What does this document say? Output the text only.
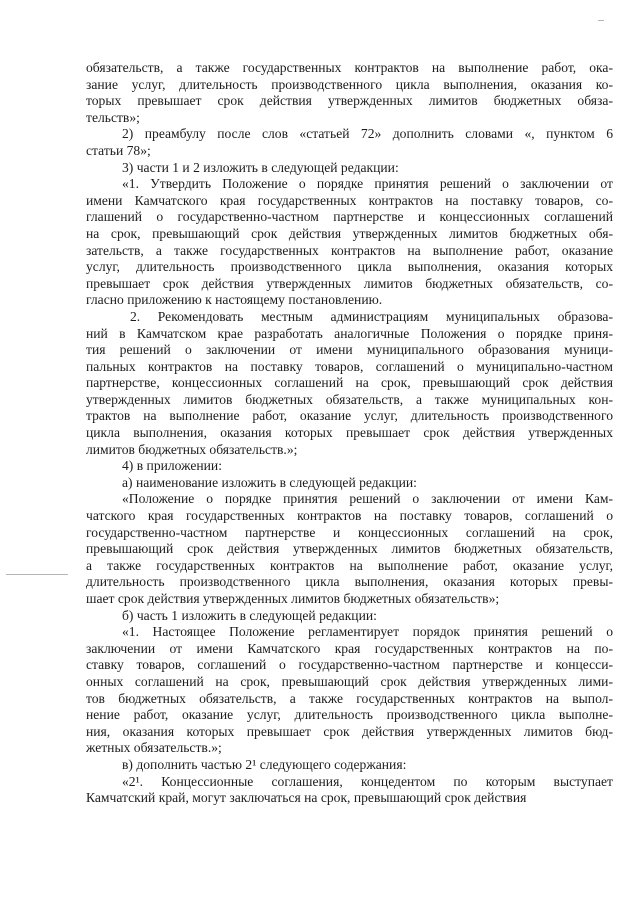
обязательств, а также государственных контрактов на выполнение работ, ока-
зание услуг, длительность производственного цикла выполнения, оказания ко-
торых превышает срок действия утвержденных лимитов бюджетных обяза-
тельств»;
2) преамбулу после слов «статьей 72» дополнить словами «, пунктом 6
статьи 78»;
3) части 1 и 2 изложить в следующей редакции:
«1. Утвердить Положение о порядке принятия решений о заключении от
имени Камчатского края государственных контрактов на поставку товаров, со-
глашений о государственно-частном партнерстве и концессионных соглашений
на срок, превышающий срок действия утвержденных лимитов бюджетных обя-
зательств, а также государственных контрактов на выполнение работ, оказание
услуг, длительность производственного цикла выполнения, оказания которых
превышает срок действия утвержденных лимитов бюджетных обязательств, со-
гласно приложению к настоящему постановлению.
2. Рекомендовать местным администрациям муниципальных образова-
ний в Камчатском крае разработать аналогичные Положения о порядке приня-
тия решений о заключении от имени муниципального образования муници-
пальных контрактов на поставку товаров, соглашений о муниципально-частном
партнерстве, концессионных соглашений на срок, превышающий срок действия
утвержденных лимитов бюджетных обязательств, а также муниципальных кон-
трактов на выполнение работ, оказание услуг, длительность производственного
цикла выполнения, оказания которых превышает срок действия утвержденных
лимитов бюджетных обязательств.»;
4) в приложении:
а) наименование изложить в следующей редакции:
«Положение о порядке принятия решений о заключении от имени Кам-
чатского края государственных контрактов на поставку товаров, соглашений о
государственно-частном партнерстве и концессионных соглашений на срок,
превышающий срок действия утвержденных лимитов бюджетных обязательств,
а также государственных контрактов на выполнение работ, оказание услуг,
длительность производственного цикла выполнения, оказания которых превы-
шает срок действия утвержденных лимитов бюджетных обязательств»;
б) часть 1 изложить в следующей редакции:
«1. Настоящее Положение регламентирует порядок принятия решений о
заключении от имени Камчатского края государственных контрактов на по-
ставку товаров, соглашений о государственно-частном партнерстве и концесси-
онных соглашений на срок, превышающий срок действия утвержденных лими-
тов бюджетных обязательств, а также государственных контрактов на выпол-
нение работ, оказание услуг, длительность производственного цикла выполне-
ния, оказания которых превышает срок действия утвержденных лимитов бюд-
жетных обязательств.»;
в) дополнить частью 2¹ следующего содержания:
«2¹. Концессионные соглашения, концедентом по которым выступает
Камчатский край, могут заключаться на срок, превышающий срок действия
